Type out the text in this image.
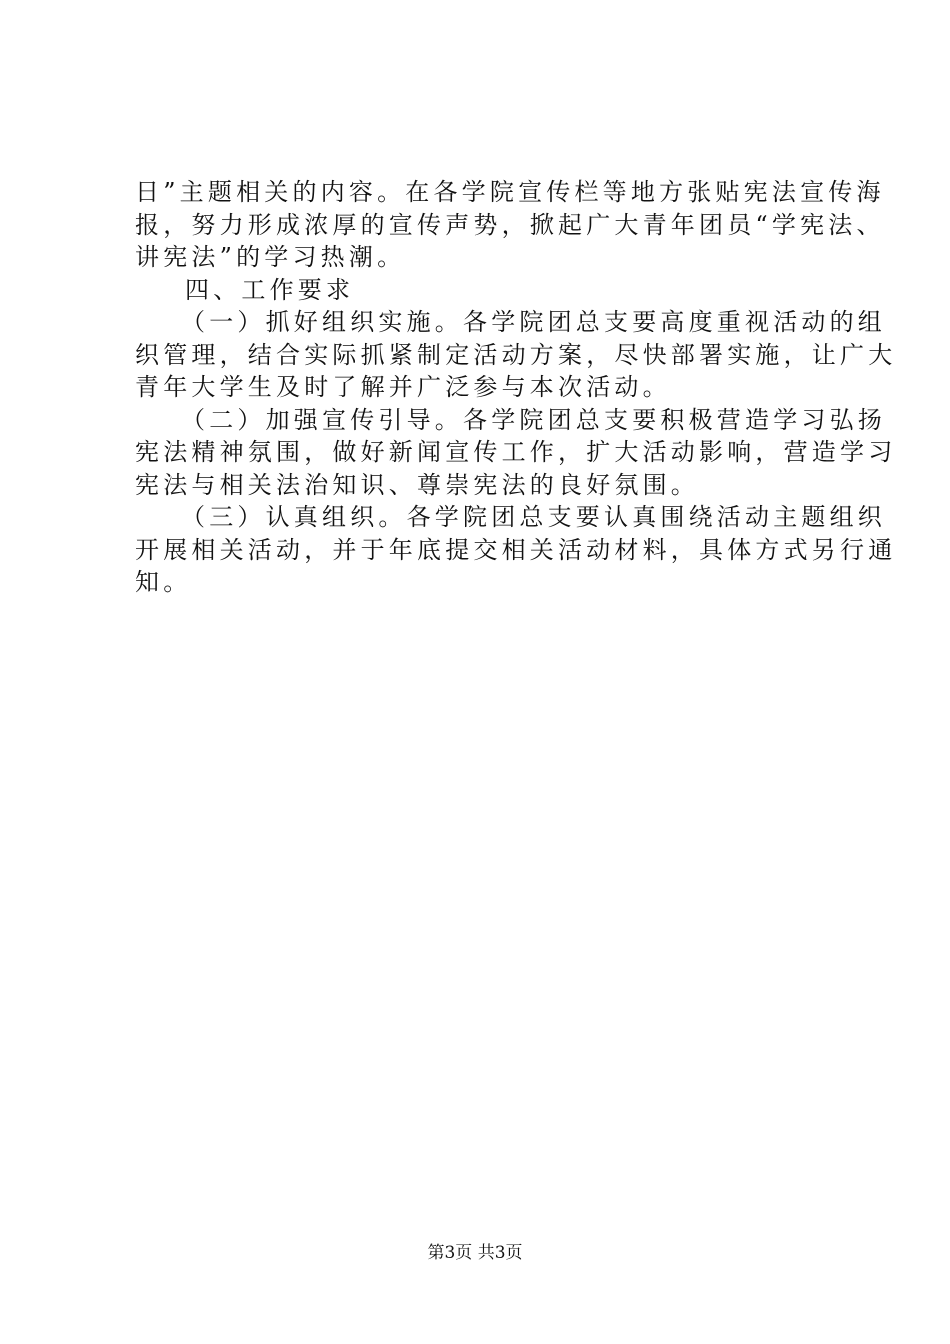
日”主题相关的内容。在各学院宣传栏等地方张贴宪法宣传海
报，努力形成浓厚的宣传声势，掀起广大青年团员“学宪法、
讲宪法”的学习热潮。
四、工作要求
（一）抓好组织实施。各学院团总支要高度重视活动的组
织管理，结合实际抓紧制定活动方案，尽快部署实施，让广大
青年大学生及时了解并广泛参与本次活动。
（二）加强宣传引导。各学院团总支要积极营造学习弘扬
宪法精神氛围，做好新闻宣传工作，扩大活动影响，营造学习
宪法与相关法治知识、尊崇宪法的良好氛围。
（三）认真组织。各学院团总支要认真围绕活动主题组织
开展相关活动，并于年底提交相关活动材料，具体方式另行通
知。
第3页 共3页
